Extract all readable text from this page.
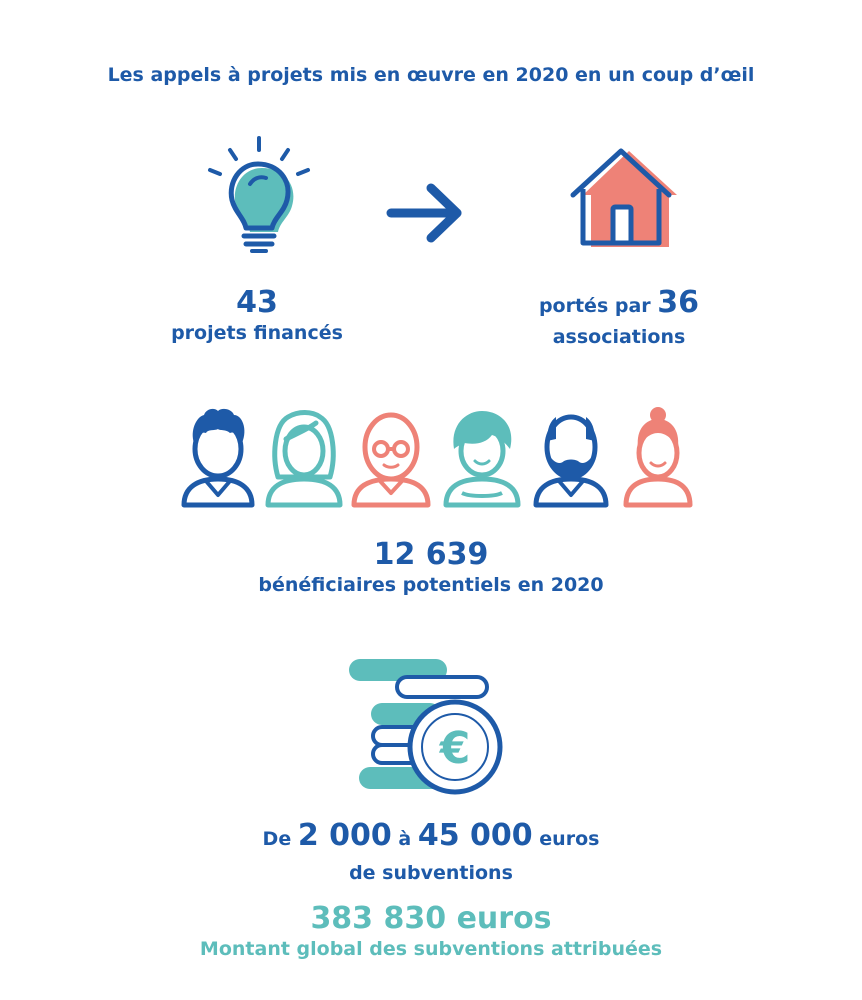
Les appels à projets mis en œuvre en 2020 en un coup d’œil
43
projets financés
portés par 36
associations
12 639
bénéficiaires potentiels en 2020
€
De 2 000 à 45 000 euros
de subventions
383 830 euros
Montant global des subventions attribuées
